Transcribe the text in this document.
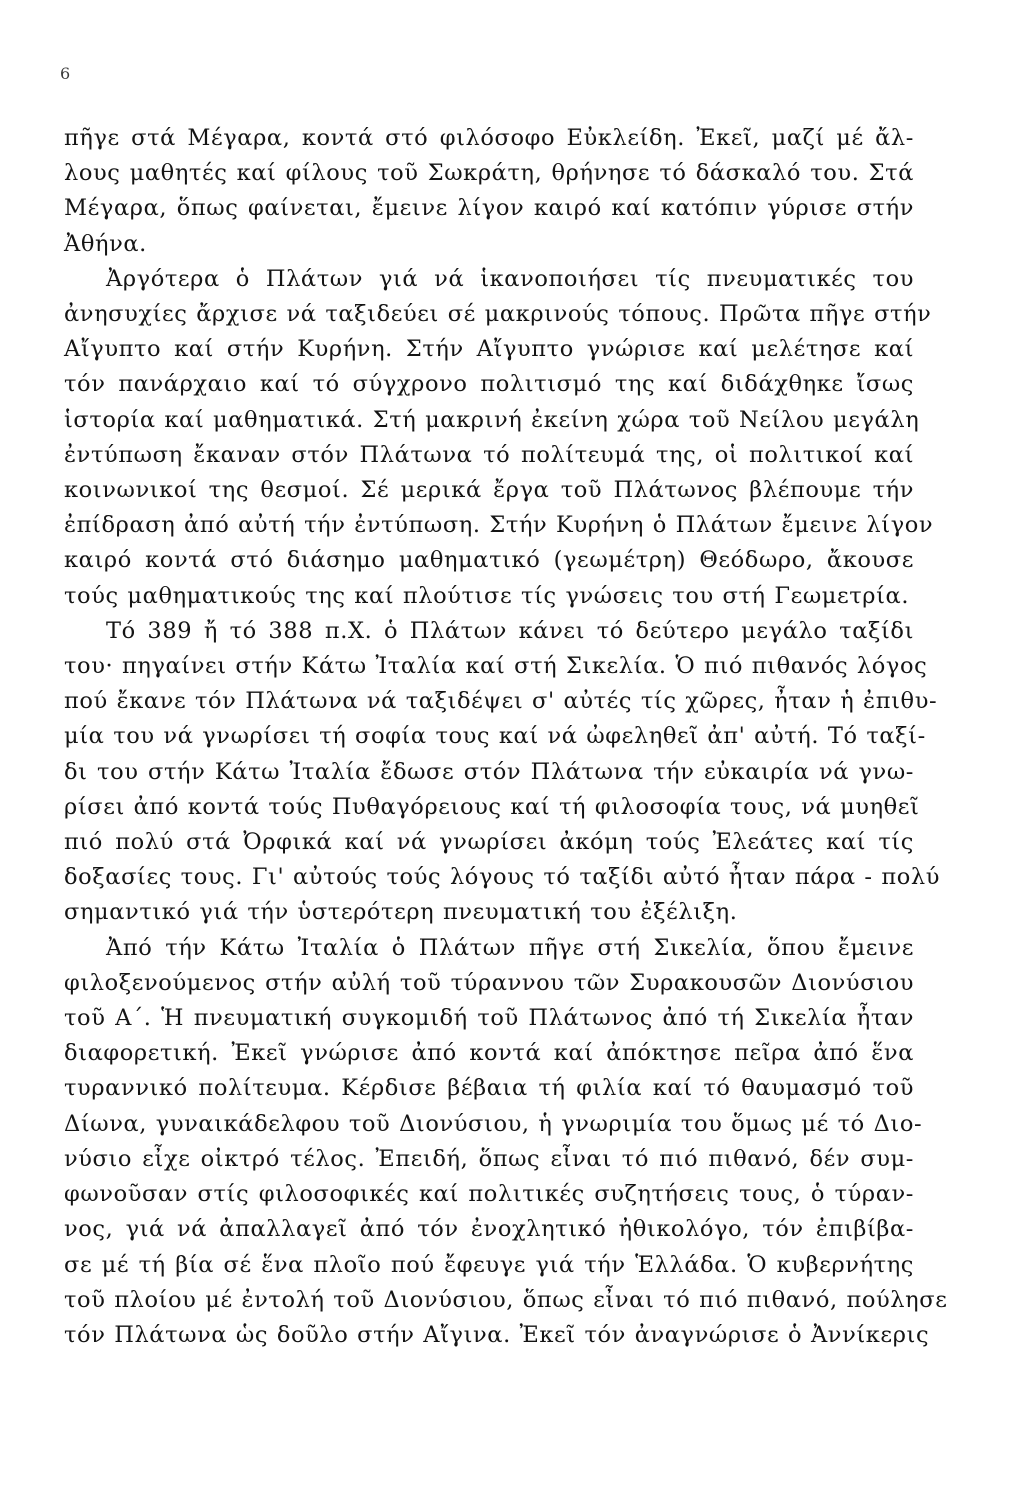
6
πῆγε στά Μέγαρα, κοντά στό φιλόσοφο Εὐκλείδη. Ἐκεῖ, μαζί μέ ἄλ-
λους μαθητές καί φίλους τοῦ Σωκράτη, θρήνησε τό δάσκαλό του. Στά
Μέγαρα, ὅπως φαίνεται, ἔμεινε λίγον καιρό καί κατόπιν γύρισε στήν
Ἀθήνα.
Ἀργότερα ὁ Πλάτων γιά νά ἱκανοποιήσει τίς πνευματικές του
ἀνησυχίες ἄρχισε νά ταξιδεύει σέ μακρινούς τόπους. Πρῶτα πῆγε στήν
Αἴγυπτο καί στήν Κυρήνη. Στήν Αἴγυπτο γνώρισε καί μελέτησε καί
τόν πανάρχαιο καί τό σύγχρονο πολιτισμό της καί διδάχθηκε ἴσως
ἱστορία καί μαθηματικά. Στή μακρινή ἐκείνη χώρα τοῦ Νείλου μεγάλη
ἐντύπωση ἔκαναν στόν Πλάτωνα τό πολίτευμά της, οἱ πολιτικοί καί
κοινωνικοί της θεσμοί. Σέ μερικά ἔργα τοῦ Πλάτωνος βλέπουμε τήν
ἐπίδραση ἀπό αὐτή τήν ἐντύπωση. Στήν Κυρήνη ὁ Πλάτων ἔμεινε λίγον
καιρό κοντά στό διάσημο μαθηματικό (γεωμέτρη) Θεόδωρο, ἄκουσε
τούς μαθηματικούς της καί πλούτισε τίς γνώσεις του στή Γεωμετρία.
Τό 389 ἤ τό 388 π.Χ. ὁ Πλάτων κάνει τό δεύτερο μεγάλο ταξίδι
του· πηγαίνει στήν Κάτω Ἰταλία καί στή Σικελία. Ὁ πιό πιθανός λόγος
πού ἔκανε τόν Πλάτωνα νά ταξιδέψει σ' αὐτές τίς χῶρες, ἦταν ἡ ἐπιθυ-
μία του νά γνωρίσει τή σοφία τους καί νά ὠφεληθεῖ ἀπ' αὐτή. Τό ταξί-
δι του στήν Κάτω Ἰταλία ἔδωσε στόν Πλάτωνα τήν εὐκαιρία νά γνω-
ρίσει ἀπό κοντά τούς Πυθαγόρειους καί τή φιλοσοφία τους, νά μυηθεῖ
πιό πολύ στά Ὀρφικά καί νά γνωρίσει ἀκόμη τούς Ἐλεάτες καί τίς
δοξασίες τους. Γι' αὐτούς τούς λόγους τό ταξίδι αὐτό ἦταν πάρα - πολύ
σημαντικό γιά τήν ὑστερότερη πνευματική του ἐξέλιξη.
Ἀπό τήν Κάτω Ἰταλία ὁ Πλάτων πῆγε στή Σικελία, ὅπου ἔμεινε
φιλοξενούμενος στήν αὐλή τοῦ τύραννου τῶν Συρακουσῶν Διονύσιου
τοῦ Α΄. Ἡ πνευματική συγκομιδή τοῦ Πλάτωνος ἀπό τή Σικελία ἦταν
διαφορετική. Ἐκεῖ γνώρισε ἀπό κοντά καί ἀπόκτησε πεῖρα ἀπό ἕνα
τυραννικό πολίτευμα. Κέρδισε βέβαια τή φιλία καί τό θαυμασμό τοῦ
Δίωνα, γυναικάδελφου τοῦ Διονύσιου, ἡ γνωριμία του ὅμως μέ τό Διο-
νύσιο εἶχε οἰκτρό τέλος. Ἐπειδή, ὅπως εἶναι τό πιό πιθανό, δέν συμ-
φωνοῦσαν στίς φιλοσοφικές καί πολιτικές συζητήσεις τους, ὁ τύραν-
νος, γιά νά ἀπαλλαγεῖ ἀπό τόν ἐνοχλητικό ἠθικολόγο, τόν ἐπιβίβα-
σε μέ τή βία σέ ἕνα πλοῖο πού ἔφευγε γιά τήν Ἑλλάδα. Ὁ κυβερνήτης
τοῦ πλοίου μέ ἐντολή τοῦ Διονύσιου, ὅπως εἶναι τό πιό πιθανό, πούλησε
τόν Πλάτωνα ὡς δοῦλο στήν Αἴγινα. Ἐκεῖ τόν ἀναγνώρισε ὁ Ἀννίκερις
